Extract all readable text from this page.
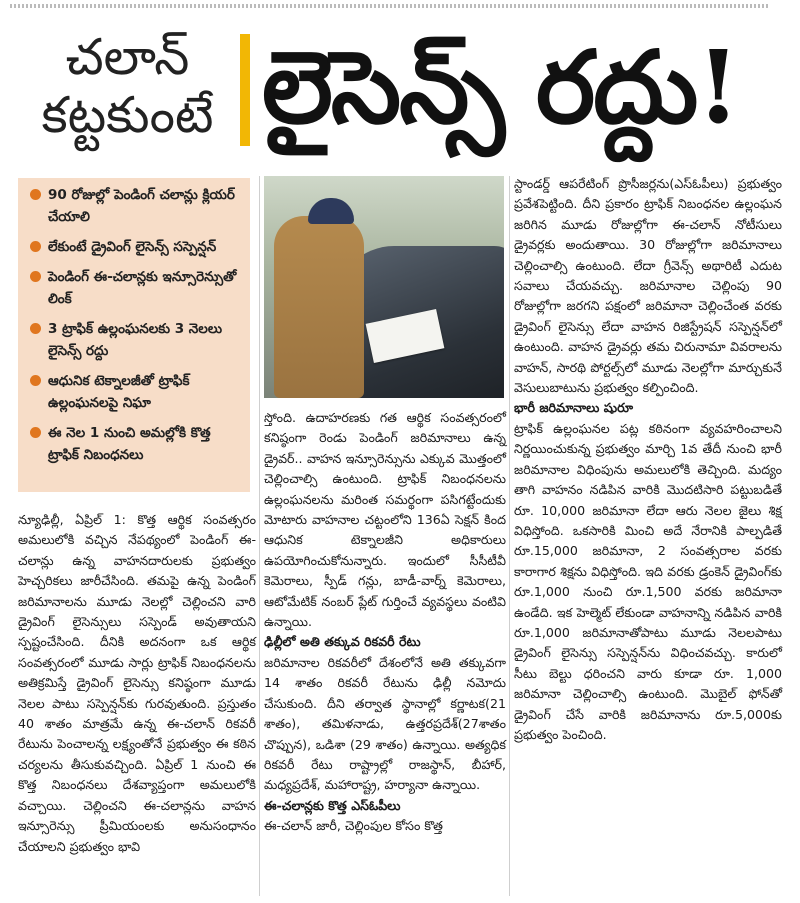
చలాన్
కట్టకుంటే లైసెన్స్ రద్దు!
90 రోజుల్లో పెండింగ్ చలాన్లు క్లియర్ చేయాలి
లేకుంటే డ్రైవింగ్ లైసెన్స్ సస్పెన్షన్
పెండింగ్ ఈ-చలాన్లకు ఇన్సూరెన్సుతో లింక్
3 ట్రాఫిక్ ఉల్లంఘనలకు 3 నెలలు లైసెన్స్ రద్దు
ఆధునిక టెక్నాలజీతో ట్రాఫిక్ ఉల్లంఘనలపై నిఘా
ఈ నెల 1 నుంచి అమల్లోకి కొత్త ట్రాఫిక్ నిబంధనలు

న్యూఢిల్లీ, ఏప్రిల్ 1: కొత్త ఆర్థిక సంవత్సరం అమలులోకి వచ్చిన నేపథ్యంలో పెండింగ్ ఈ-చలాన్లు ఉన్న వాహనదారులకు ప్రభుత్వం హెచ్చరికలు జారీచేసింది. తమపై ఉన్న పెండింగ్ జరిమానాలను మూడు నెలల్లో చెల్లించని వారి డ్రైవింగ్ లైసెన్సులు సస్పెండ్ అవుతాయని స్పష్టంచేసింది. దీనికి అదనంగా ఒక ఆర్థిక సంవత్సరంలో మూడు సార్లు ట్రాఫిక్ నిబంధనలను అతిక్రమిస్తే డ్రైవింగ్ లైసెన్సు కనిష్ఠంగా మూడు నెలల పాటు సస్పెన్షన్‌కు గురవుతుంది. ప్రస్తుతం 40 శాతం మాత్రమే ఉన్న ఈ-చలాన్ రికవరీ రేటును పెంచాలన్న లక్ష్యంతోనే ప్రభుత్వం ఈ కఠిన చర్యలను తీసుకువచ్చింది. ఏప్రిల్ 1 నుంచి ఈ కొత్త నిబంధనలు దేశవ్యాప్తంగా అమలులోకి వచ్చాయి. చెల్లించని ఈ-చలాన్లను వాహన ఇన్సూరెన్సు ప్రీమియంలకు అనుసంధానం చేయాలని ప్రభుత్వం భావి

స్తోంది. ఉదాహరణకు గత ఆర్థిక సంవత్సరంలో కనిష్ఠంగా రెండు పెండింగ్ జరిమానాలు ఉన్న డ్రైవర్.. వాహన ఇన్సూరెన్సును ఎక్కువ మొత్తంలో చెల్లించాల్సి ఉంటుంది. ట్రాఫిక్ నిబంధనలను ఉల్లంఘనలను మరింత సమర్థంగా పసిగట్టేందుకు మోటారు వాహనాల చట్టంలోని 136ఏ సెక్షన్ కింద ఆధునిక టెక్నాలజీని అధికారులు ఉపయోగించుకోనున్నారు. ఇందులో సీసీటీవీ కెమెరాలు, స్పీడ్ గన్లు, బాడీ-వార్న్ కెమెరాలు, ఆటోమేటిక్ నంబర్ ప్లేట్ గుర్తించే వ్యవస్థలు వంటివి ఉన్నాయి.

ఢిల్లీలో అతి తక్కువ రికవరీ రేటు

జరిమానాల రికవరీలో దేశంలోనే అతి తక్కువగా 14 శాతం రికవరీ రేటును ఢిల్లీ నమోదు చేసుకుంది. దీని తర్వాత స్థానాల్లో కర్ణాటక(21 శాతం), తమిళనాడు, ఉత్తరప్రదేశ్(27శాతం చొప్పున), ఒడిశా (29 శాతం) ఉన్నాయి. అత్యధిక రికవరీ రేటు రాష్ట్రాల్లో రాజస్థాన్, బీహార్, మధ్యప్రదేశ్, మహారాష్ట్ర, హర్యానా ఉన్నాయి.

ఈ-చలాన్లకు కొత్త ఎస్‌ఓపీలు

ఈ-చలాన్ జారీ, చెల్లింపుల కోసం కొత్త

స్టాండర్డ్ ఆపరేటింగ్ ప్రొసీజర్లను(ఎస్‌ఓపీలు) ప్రభుత్వం ప్రవేశపెట్టింది. దీని ప్రకారం ట్రాఫిక్ నిబంధనల ఉల్లంఘన జరిగిన మూడు రోజుల్లోగా ఈ-చలాన్ నోటీసులు డ్రైవర్లకు అందుతాయి. 30 రోజుల్లోగా జరిమానాలు చెల్లించాల్సి ఉంటుంది. లేదా గ్రీవెన్స్ అథారిటీ ఎదుట సవాలు చేయవచ్చు. జరిమానాల చెల్లింపు 90 రోజుల్లోగా జరగని పక్షంలో జరిమానా చెల్లించేంత వరకు డ్రైవింగ్ లైసెన్సు లేదా వాహన రిజిస్ట్రేషన్ సస్పెన్షన్‌లో ఉంటుంది. వాహన డ్రైవర్లు తమ చిరునామా వివరాలను వాహన్, సారథి పోర్టల్స్‌లో మూడు నెలల్లోగా మార్చుకునే వెసులుబాటును ప్రభుత్వం కల్పించింది.

భారీ జరిమానాలు షురూ

ట్రాఫిక్ ఉల్లంఘనల పట్ల కఠినంగా వ్యవహరించాలని నిర్ణయించుకున్న ప్రభుత్వం మార్చి 1వ తేదీ నుంచి భారీ జరిమానాల విధింపును అమలులోకి తెచ్చింది. మద్యం తాగి వాహనం నడిపిన వారికి మొదటిసారి పట్టుబడితే రూ. 10,000 జరిమానా లేదా ఆరు నెలల జైలు శిక్ష విధిస్తోంది. ఒకసారికి మించి అదే నేరానికి పాల్పడితే రూ.15,000 జరిమానా, 2 సంవత్సరాల వరకు కారాగార శిక్షను విధిస్తోంది. ఇది వరకు డ్రంకెన్ డ్రైవింగ్‌కు రూ.1,000 నుంచి రూ.1,500 వరకు జరిమానా ఉండేది. ఇక హెల్మెట్ లేకుండా వాహనాన్ని నడిపిన వారికి రూ.1,000 జరిమానాతోపాటు మూడు నెలలపాటు డ్రైవింగ్ లైసెన్సు సస్పెన్షన్‌ను విధించవచ్చు. కారులో సీటు బెల్టు ధరించని వారు కూడా రూ. 1,000 జరిమానా చెల్లించాల్సి ఉంటుంది. మొబైల్ ఫోన్‌తో డ్రైవింగ్ చేసే వారికి జరిమానాను రూ.5,000కు ప్రభుత్వం పెంచింది.
